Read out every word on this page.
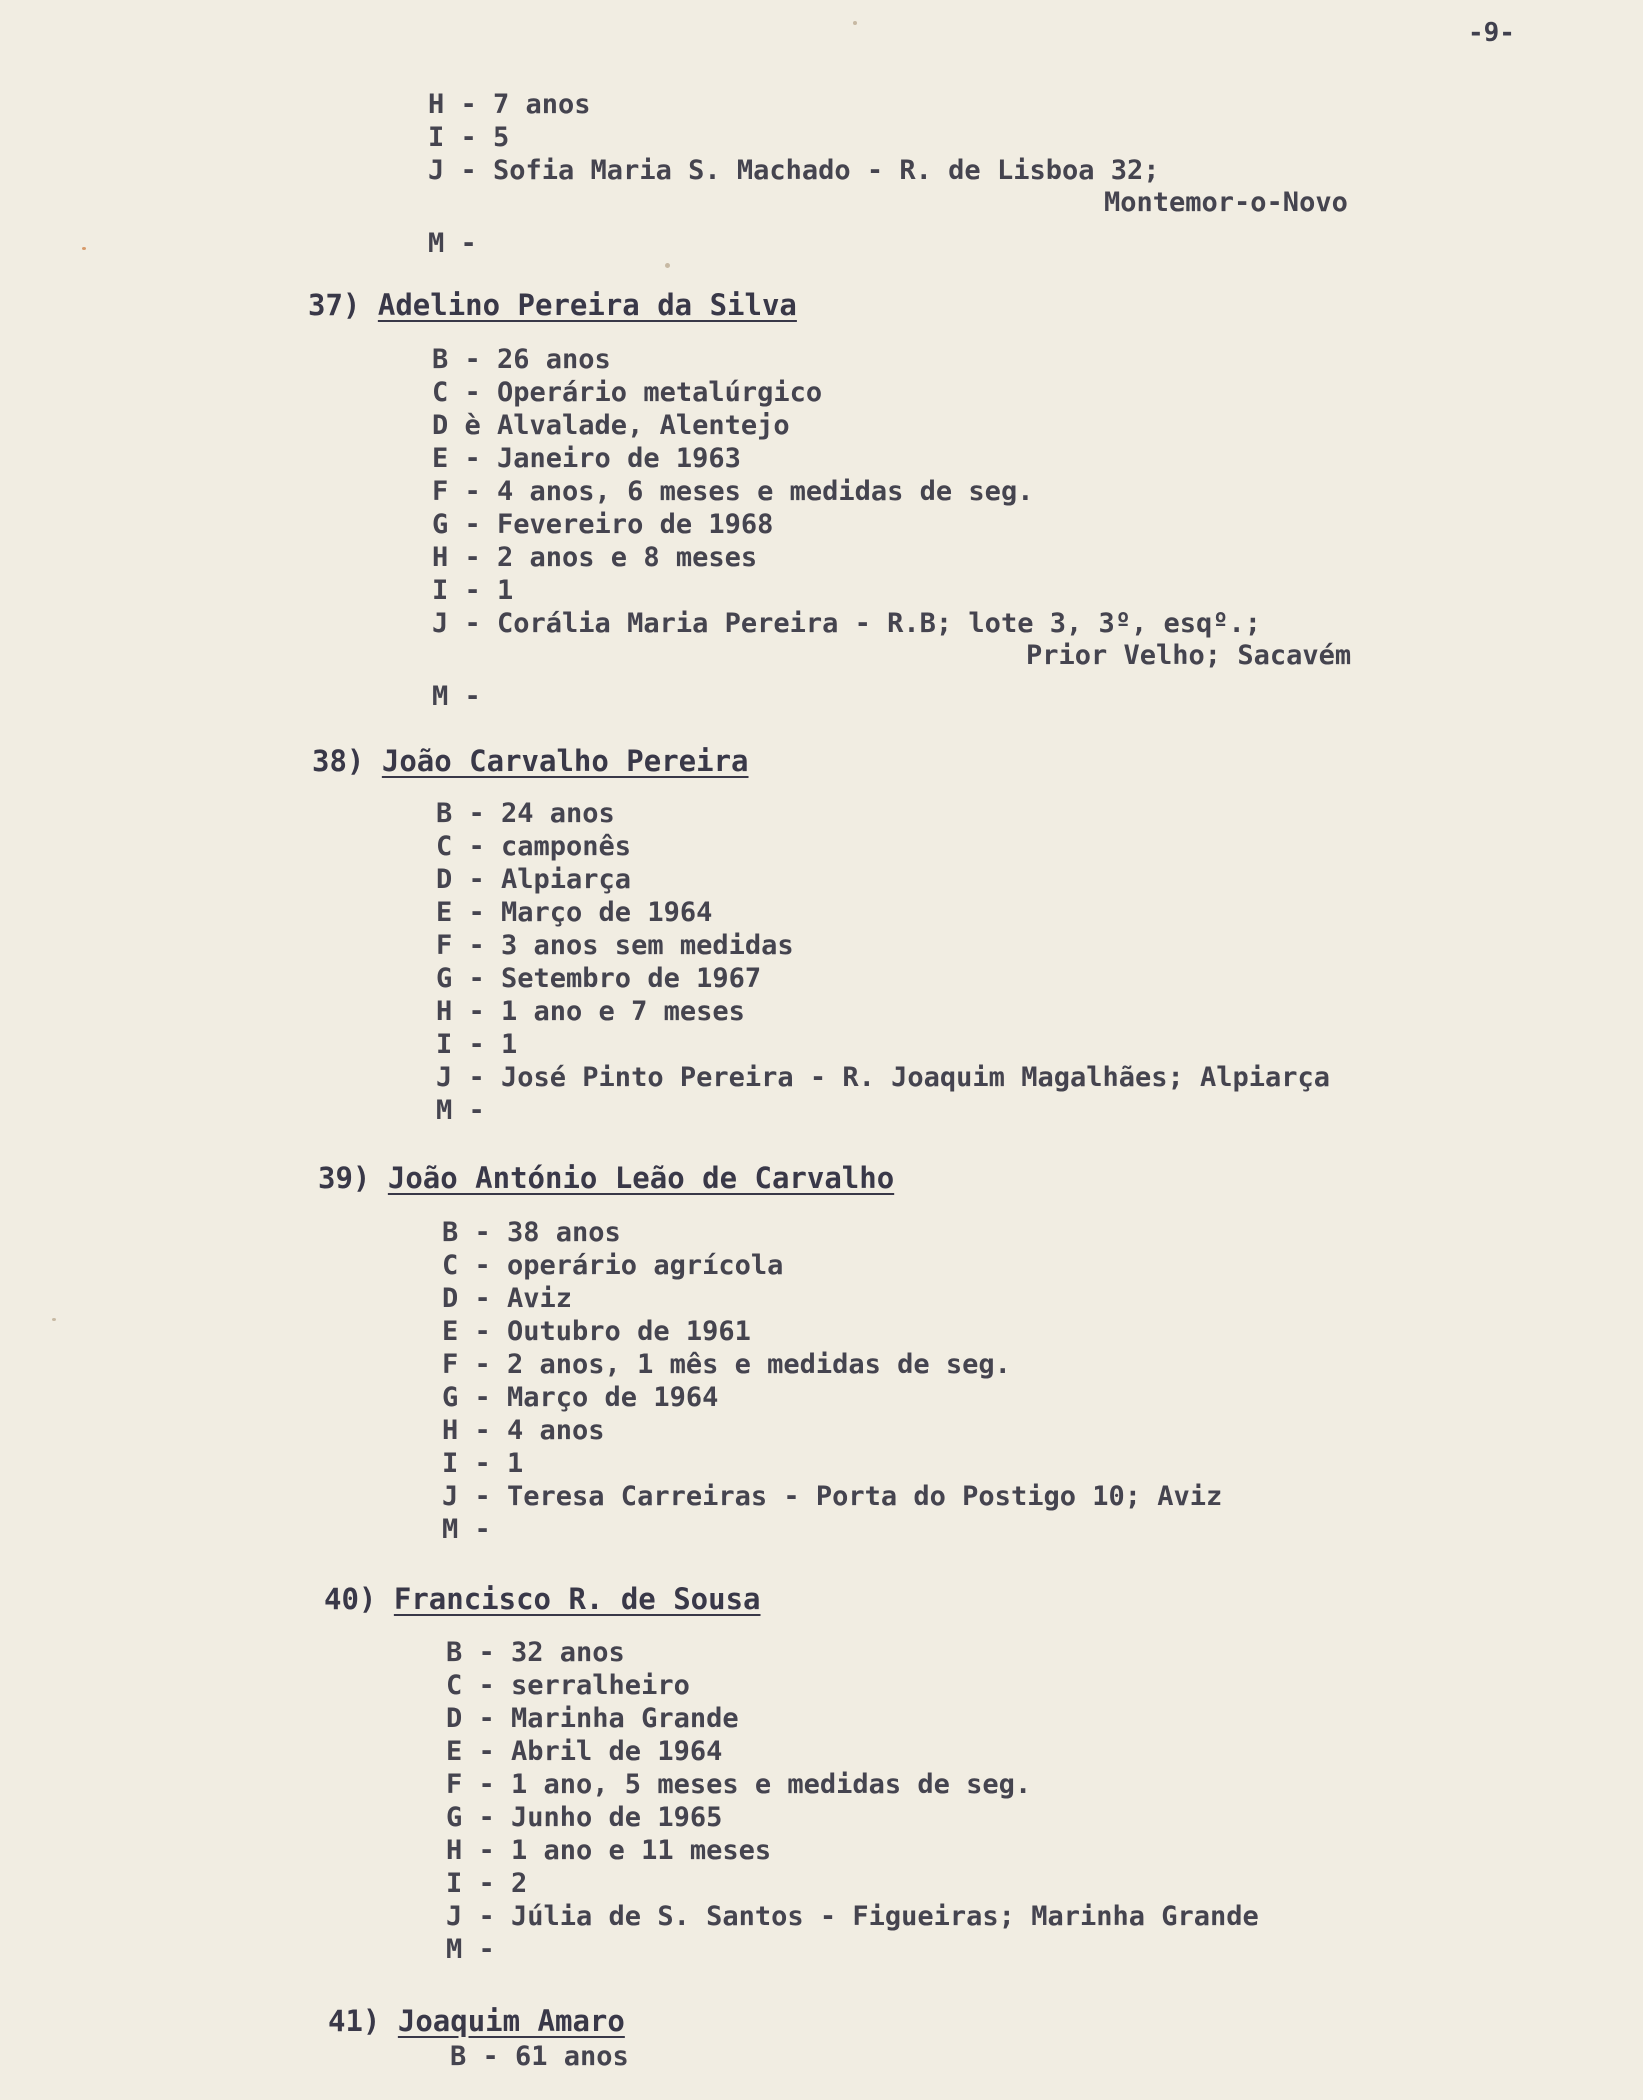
-9-
H - 7 anos
I - 5
J - Sofia Maria S. Machado - R. de Lisboa 32;
Montemor-o-Novo
M -
37) Adelino Pereira da Silva
B - 26 anos
C - Operário metalúrgico
D è Alvalade, Alentejo
E - Janeiro de 1963
F - 4 anos, 6 meses e medidas de seg.
G - Fevereiro de 1968
H - 2 anos e 8 meses
I - 1
J - Corália Maria Pereira - R.B; lote 3, 3º, esqº.;
Prior Velho; Sacavém
M -
38) João Carvalho Pereira
B - 24 anos
C - camponês
D - Alpiarça
E - Março de 1964
F - 3 anos sem medidas
G - Setembro de 1967
H - 1 ano e 7 meses
I - 1
J - José Pinto Pereira - R. Joaquim Magalhães; Alpiarça
M -
39) João António Leão de Carvalho
B - 38 anos
C - operário agrícola
D - Aviz
E - Outubro de 1961
F - 2 anos, 1 mês e medidas de seg.
G - Março de 1964
H - 4 anos
I - 1
J - Teresa Carreiras - Porta do Postigo 10; Aviz
M -
40) Francisco R. de Sousa
B - 32 anos
C - serralheiro
D - Marinha Grande
E - Abril de 1964
F - 1 ano, 5 meses e medidas de seg.
G - Junho de 1965
H - 1 ano e 11 meses
I - 2
J - Júlia de S. Santos - Figueiras; Marinha Grande
M -
41) Joaquim Amaro
B - 61 anos
